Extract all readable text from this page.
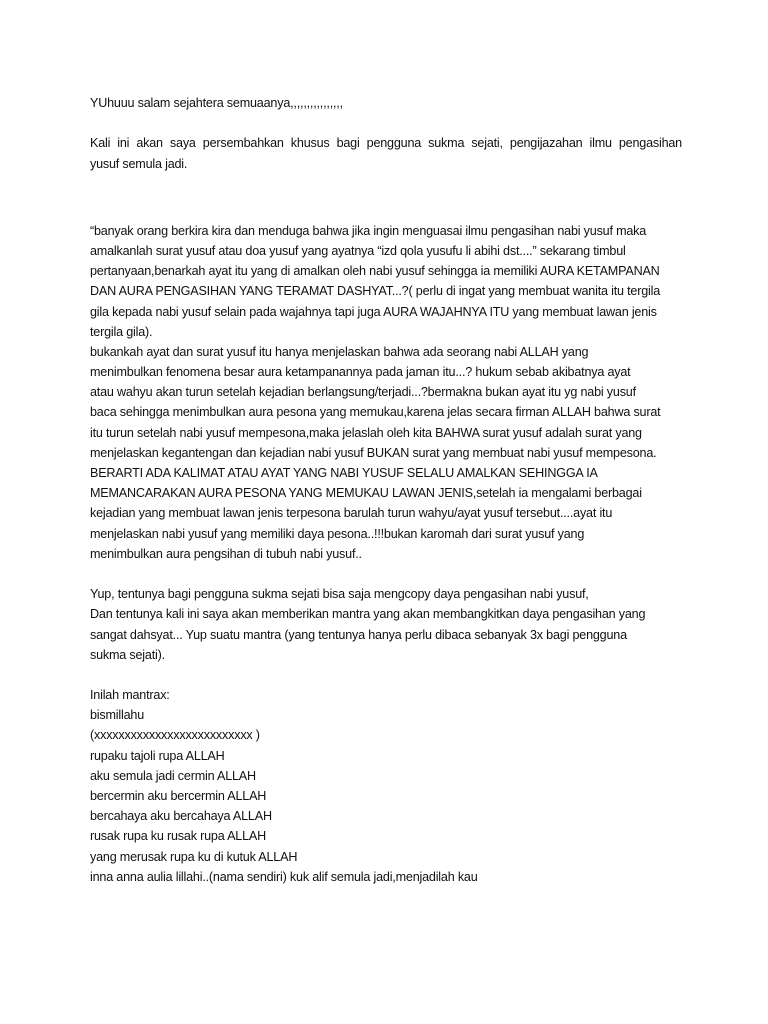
YUhuuu salam sejahtera semuaanya,,,,,,,,,,,,,,,,
Kali ini akan saya persembahkan khusus bagi pengguna sukma sejati, pengijazahan ilmu pengasihan
yusuf semula jadi.
“banyak orang berkira kira dan menduga bahwa jika ingin menguasai ilmu pengasihan nabi yusuf maka
amalkanlah surat yusuf atau doa yusuf yang ayatnya “izd qola yusufu li abihi dst....” sekarang timbul
pertanyaan,benarkah ayat itu yang di amalkan oleh nabi yusuf sehingga ia memiliki AURA KETAMPANAN
DAN AURA PENGASIHAN YANG TERAMAT DASHYAT...?( perlu di ingat yang membuat wanita itu tergila
gila kepada nabi yusuf selain pada wajahnya tapi juga AURA WAJAHNYA ITU yang membuat lawan jenis
tergila gila).
bukankah ayat dan surat yusuf itu hanya menjelaskan bahwa ada seorang nabi ALLAH yang
menimbulkan fenomena besar aura ketampanannya pada jaman itu...? hukum sebab akibatnya ayat
atau wahyu akan turun setelah kejadian berlangsung/terjadi...?bermakna bukan ayat itu yg nabi yusuf
baca sehingga menimbulkan aura pesona yang memukau,karena jelas secara firman ALLAH bahwa surat
itu turun setelah nabi yusuf mempesona,maka jelaslah oleh kita BAHWA surat yusuf adalah surat yang
menjelaskan kegantengan dan kejadian nabi yusuf BUKAN surat yang membuat nabi yusuf mempesona.
BERARTI ADA KALIMAT ATAU AYAT YANG NABI YUSUF SELALU AMALKAN SEHINGGA IA
MEMANCARAKAN AURA PESONA YANG MEMUKAU LAWAN JENIS,setelah ia mengalami berbagai
kejadian yang membuat lawan jenis terpesona barulah turun wahyu/ayat yusuf tersebut....ayat itu
menjelaskan nabi yusuf yang memiliki daya pesona..!!!bukan karomah dari surat yusuf yang
menimbulkan aura pengsihan di tubuh nabi yusuf..
Yup, tentunya bagi pengguna sukma sejati bisa saja mengcopy daya pengasihan nabi yusuf,
Dan tentunya kali ini saya akan memberikan mantra yang akan membangkitkan daya pengasihan yang
sangat dahsyat... Yup suatu mantra (yang tentunya hanya perlu dibaca sebanyak 3x bagi pengguna
sukma sejati).
Inilah mantrax:
bismillahu
(xxxxxxxxxxxxxxxxxxxxxxxxxx )
rupaku tajoli rupa ALLAH
aku semula jadi cermin ALLAH
bercermin aku bercermin ALLAH
bercahaya aku bercahaya ALLAH
rusak rupa ku rusak rupa ALLAH
yang merusak rupa ku di kutuk ALLAH
inna anna aulia lillahi..(nama sendiri) kuk alif semula jadi,menjadilah kau
